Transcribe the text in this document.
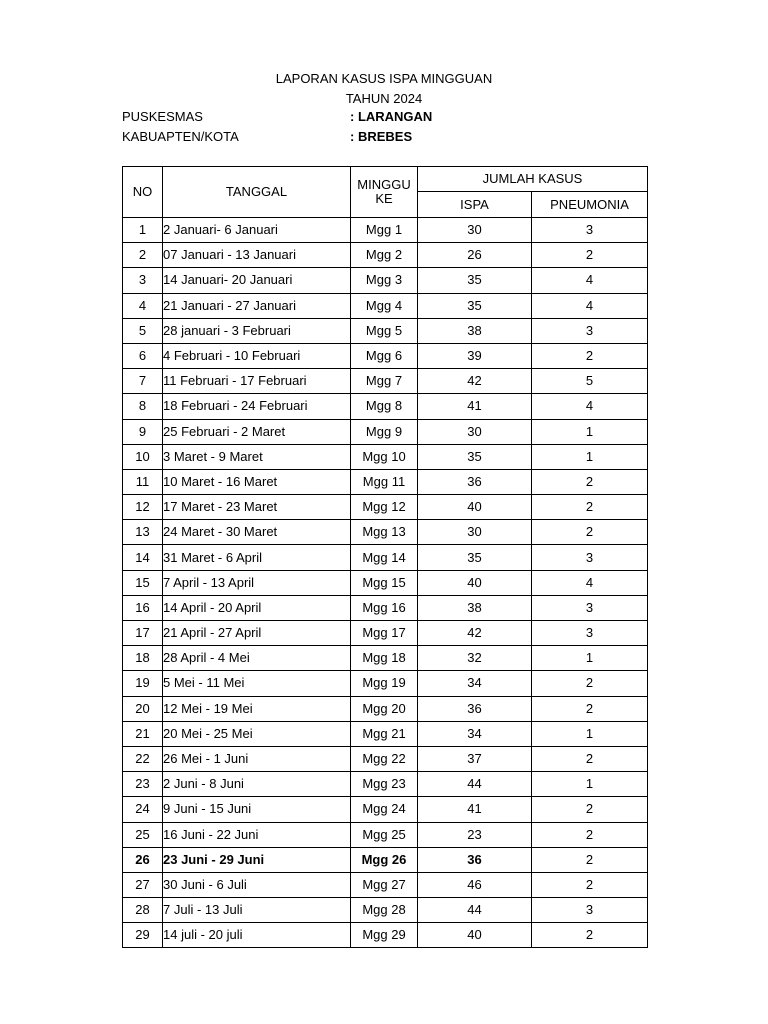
LAPORAN KASUS ISPA MINGGUAN
TAHUN 2024
PUSKESMAS	: LARANGAN
KABUAPTEN/KOTA	: BREBES
NO	TANGGAL	MINGGU KE	JUMLAH KASUS	
			ISPA	PNEUMONIA
1	2 Januari- 6 Januari	Mgg 1	30	3
2	07 Januari - 13 Januari	Mgg 2	26	2
3	14 Januari- 20 Januari	Mgg 3	35	4
4	21 Januari - 27 Januari	Mgg 4	35	4
5	28 januari - 3 Februari	Mgg 5	38	3
6	4 Februari - 10 Februari	Mgg 6	39	2
7	11 Februari - 17 Februari	Mgg 7	42	5
8	18 Februari - 24 Februari	Mgg 8	41	4
9	25 Februari - 2 Maret	Mgg 9	30	1
10	3 Maret - 9 Maret	Mgg 10	35	1
11	10 Maret - 16 Maret	Mgg 11	36	2
12	17 Maret - 23 Maret	Mgg 12	40	2
13	24 Maret - 30 Maret	Mgg 13	30	2
14	31 Maret - 6 April	Mgg 14	35	3
15	7 April - 13 April	Mgg 15	40	4
16	14 April - 20 April	Mgg 16	38	3
17	21 April - 27 April	Mgg 17	42	3
18	28 April - 4 Mei	Mgg 18	32	1
19	5 Mei - 11 Mei	Mgg 19	34	2
20	12 Mei - 19 Mei	Mgg 20	36	2
21	20 Mei - 25 Mei	Mgg 21	34	1
22	26 Mei - 1 Juni	Mgg 22	37	2
23	2 Juni - 8 Juni	Mgg 23	44	1
24	9 Juni - 15 Juni	Mgg 24	41	2
25	16 Juni - 22 Juni	Mgg 25	23	2
26	23 Juni - 29 Juni	Mgg 26	36	2
27	30 Juni - 6 Juli	Mgg 27	46	2
28	7 Juli - 13 Juli	Mgg 28	44	3
29	14 juli - 20 juli	Mgg 29	40	2
